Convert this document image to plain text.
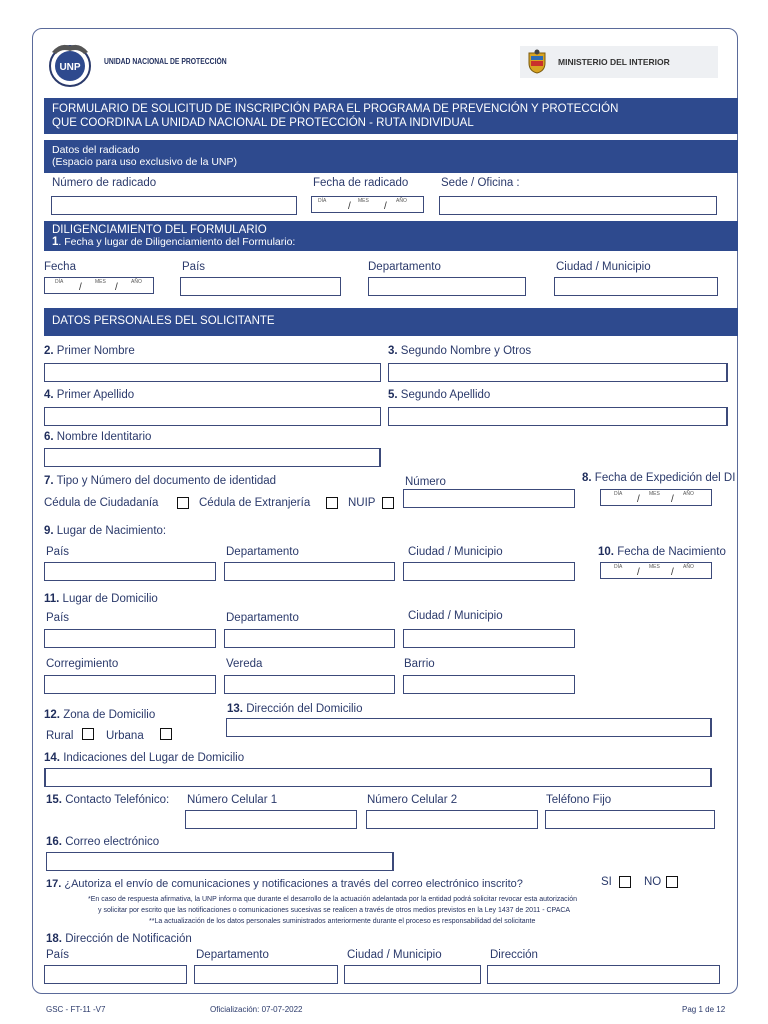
UNP
UNIDAD NACIONAL DE PROTECCIÓN	MINISTERIO DEL INTERIOR
FORMULARIO DE SOLICITUD DE INSCRIPCIÓN PARA EL PROGRAMA DE PREVENCIÓN Y PROTECCIÓN
QUE COORDINA LA UNIDAD NACIONAL DE PROTECCIÓN - RUTA INDIVIDUAL
Datos del radicado
(Espacio para uso exclusivo de la UNP)
Número de radicado	Fecha de radicado
DÍA / MES / AÑO
Sede / Oficina :
DILIGENCIAMIENTO DEL FORMULARIO
1. Fecha y lugar de Diligenciamiento del Formulario:
Fecha
DÍA /	MES /	AÑO
País	Departamento	Ciudad / Municipio
DATOS PERSONALES DEL SOLICITANTE
2. Primer Nombre	3. Segundo Nombre y Otros
4. Primer Apellido	5. Segundo Apellido
6. Nombre Identitario
7. Tipo y Número del documento de identidad
Cédula de Ciudadanía	Cédula de Extranjería	NUIP
Número	8. Fecha de Expedición del DI
DÍA / MES / AÑO
9. Lugar de Nacimiento:
País	Departamento	Ciudad / Municipio	10. Fecha de Nacimiento
DÍA / MES / AÑO
11. Lugar de Domicilio
País	Departamento	Ciudad / Municipio
Corregimiento	Vereda	Barrio
12. Zona de Domicilio
Rural	Urbana
13. Dirección del Domicilio
14. Indicaciones del Lugar de Domicilio
15. Contacto Telefónico: Número Celular 1	Número Celular 2	Teléfono Fijo
16. Correo electrónico
17. ¿Autoriza el envío de comunicaciones y notificaciones a través del correo electrónico inscrito?	SI	NO
*En caso de respuesta afirmativa, la UNP informa que durante el desarrollo de la actuación adelantada por la entidad podrá solicitar revocar esta autorización
y solicitar por escrito que las notificaciones o comunicaciones sucesivas se realicen a través de otros medios previstos en la Ley 1437 de 2011 - CPACA
**La actualización de los datos personales suministrados anteriormente durante el proceso es responsabilidad del solicitante
18. Dirección de Notificación
País	Departamento	Ciudad / Municipio	Dirección
GSC - FT-11 -V7	Oficialización: 07-07-2022	Pag 1 de 12
